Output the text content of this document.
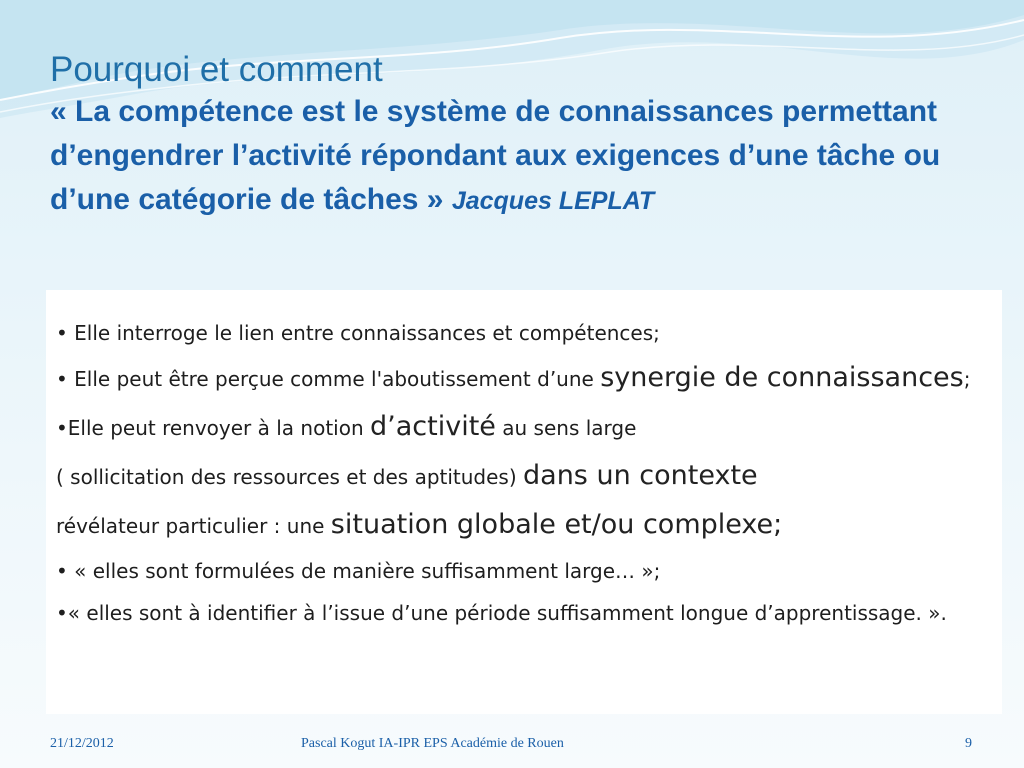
Pourquoi et comment

« La compétence est le système de connaissances permettant d’engendrer l’activité répondant aux exigences d’une tâche ou d’une catégorie de tâches » Jacques LEPLAT

• Elle interroge le lien entre connaissances et compétences;

• Elle peut être perçue comme l'aboutissement d’une synergie de connaissances;

•Elle peut renvoyer à la notion d’activité au sens large
( sollicitation des ressources et des aptitudes) dans un contexte
révélateur particulier : une situation globale et/ou complexe;

• « elles sont formulées de manière suffisamment large… »;

•« elles sont à identifier à l’issue d’une période suffisamment longue d’apprentissage. ».

21/12/2012	Pascal Kogut IA-IPR EPS Académie de Rouen	9
